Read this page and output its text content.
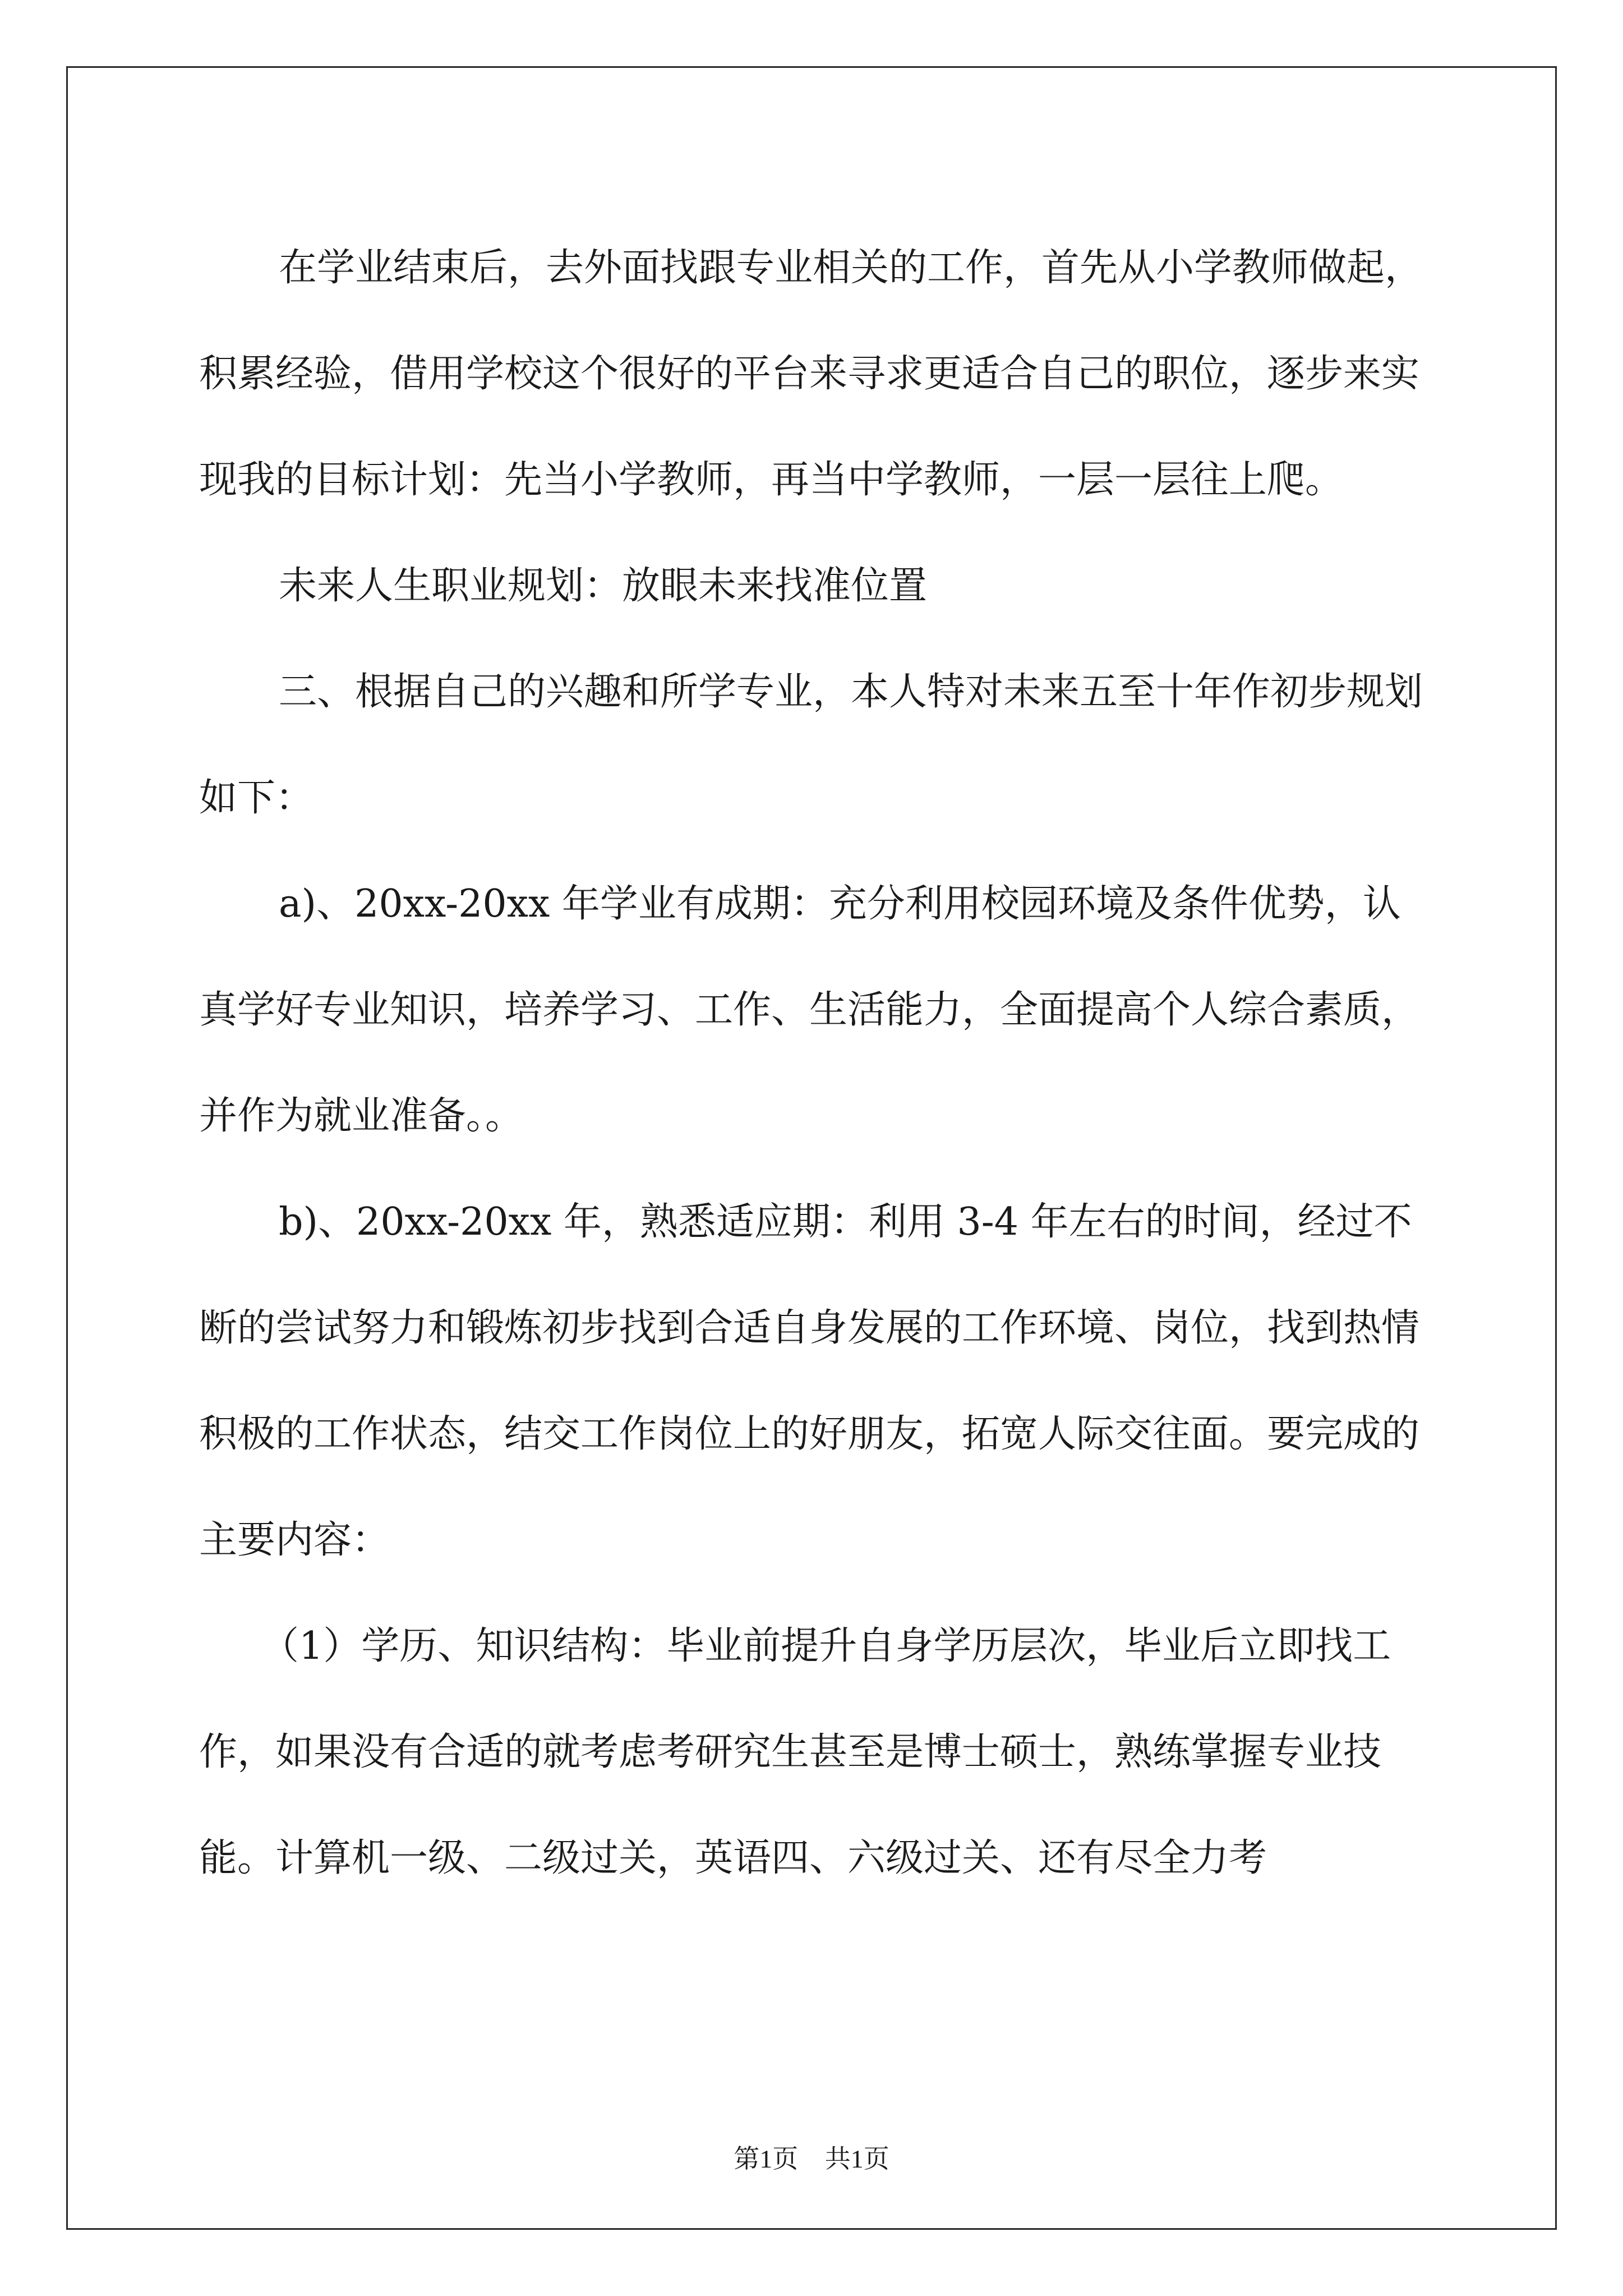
在学业结束后，去外面找跟专业相关的工作，首先从小学教师做起，积累经验，借用学校这个很好的平台来寻求更适合自己的职位，逐步来实现我的目标计划：先当小学教师，再当中学教师，一层一层往上爬。

未来人生职业规划：放眼未来找准位置

三、根据自己的兴趣和所学专业，本人特对未来五至十年作初步规划如下：

a)、20xx-20xx 年学业有成期：充分利用校园环境及条件优势，认真学好专业知识，培养学习、工作、生活能力，全面提高个人综合素质，并作为就业准备。。

b)、20xx-20xx 年，熟悉适应期：利用 3-4 年左右的时间，经过不断的尝试努力和锻炼初步找到合适自身发展的工作环境、岗位，找到热情积极的工作状态，结交工作岗位上的好朋友，拓宽人际交往面。要完成的主要内容：

（1）学历、知识结构：毕业前提升自身学历层次，毕业后立即找工作，如果没有合适的就考虑考研究生甚至是博士硕士，熟练掌握专业技能。计算机一级、二级过关，英语四、六级过关、还有尽全力考

第1页 共1页
